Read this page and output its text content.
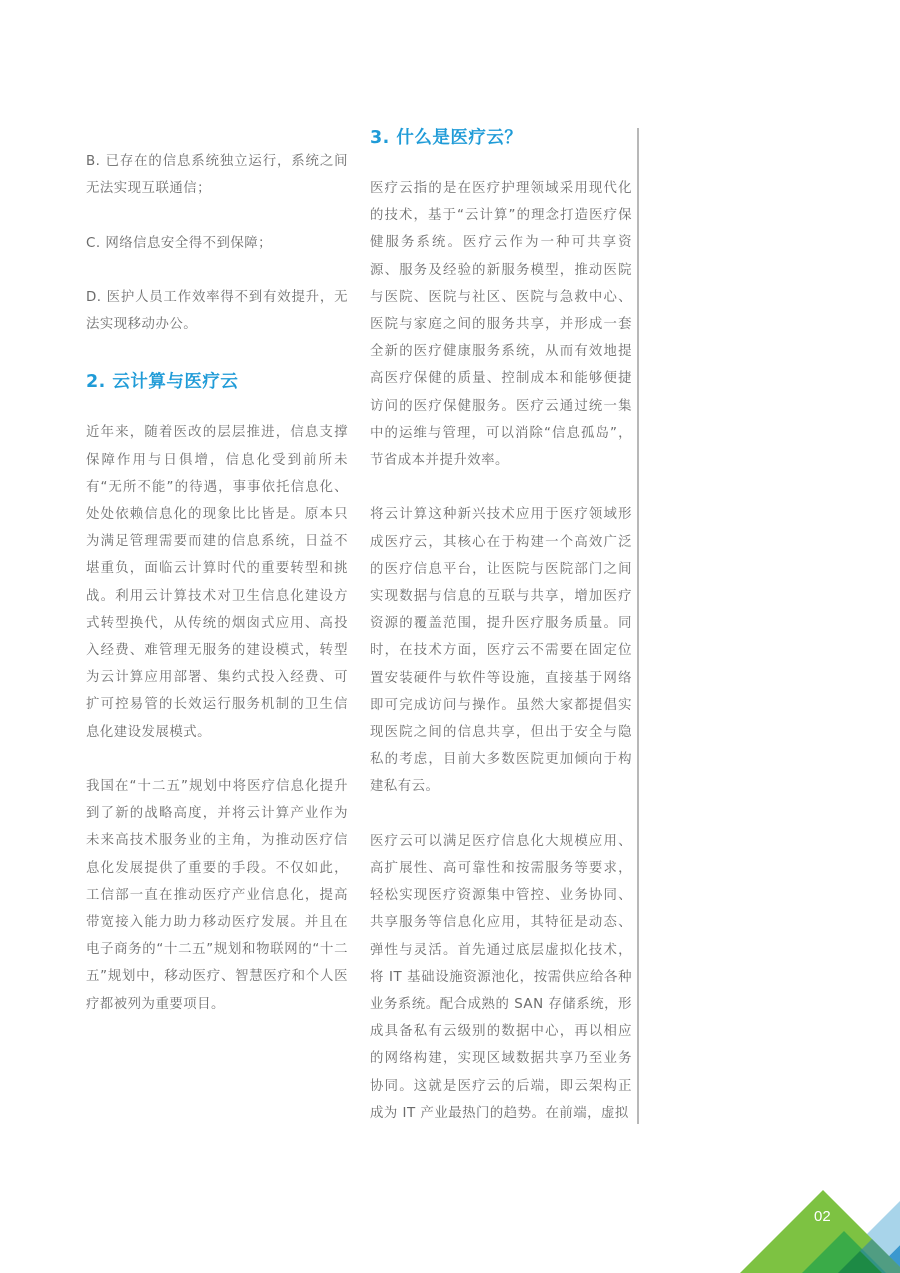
B. 已存在的信息系统独立运行，系统之间无法实现互联通信；

C. 网络信息安全得不到保障；

D. 医护人员工作效率得不到有效提升，无法实现移动办公。

2. 云计算与医疗云

近年来，随着医改的层层推进，信息支撑保障作用与日俱增，信息化受到前所未有“无所不能”的待遇，事事依托信息化、处处依赖信息化的现象比比皆是。原本只为满足管理需要而建的信息系统，日益不堪重负，面临云计算时代的重要转型和挑战。利用云计算技术对卫生信息化建设方式转型换代，从传统的烟囱式应用、高投入经费、难管理无服务的建设模式，转型为云计算应用部署、集约式投入经费、可扩可控易管的长效运行服务机制的卫生信息化建设发展模式。

我国在“十二五”规划中将医疗信息化提升到了新的战略高度，并将云计算产业作为未来高技术服务业的主角，为推动医疗信息化发展提供了重要的手段。不仅如此，工信部一直在推动医疗产业信息化，提高带宽接入能力助力移动医疗发展。并且在电子商务的“十二五”规划和物联网的“十二五”规划中，移动医疗、智慧医疗和个人医疗都被列为重要项目。

3. 什么是医疗云？

医疗云指的是在医疗护理领域采用现代化的技术，基于“云计算”的理念打造医疗保健服务系统。医疗云作为一种可共享资源、服务及经验的新服务模型，推动医院与医院、医院与社区、医院与急救中心、医院与家庭之间的服务共享，并形成一套全新的医疗健康服务系统，从而有效地提高医疗保健的质量、控制成本和能够便捷访问的医疗保健服务。医疗云通过统一集中的运维与管理，可以消除“信息孤岛”，节省成本并提升效率。

将云计算这种新兴技术应用于医疗领域形成医疗云，其核心在于构建一个高效广泛的医疗信息平台，让医院与医院部门之间实现数据与信息的互联与共享，增加医疗资源的覆盖范围，提升医疗服务质量。同时，在技术方面，医疗云不需要在固定位置安装硬件与软件等设施，直接基于网络即可完成访问与操作。虽然大家都提倡实现医院之间的信息共享，但出于安全与隐私的考虑，目前大多数医院更加倾向于构建私有云。

医疗云可以满足医疗信息化大规模应用、高扩展性、高可靠性和按需服务等要求，轻松实现医疗资源集中管控、业务协同、共享服务等信息化应用，其特征是动态、弹性与灵活。首先通过底层虚拟化技术，将 IT 基础设施资源池化，按需供应给各种业务系统。配合成熟的 SAN 存储系统，形成具备私有云级别的数据中心，再以相应的网络构建，实现区域数据共享乃至业务协同。这就是医疗云的后端，即云架构正成为 IT 产业最热门的趋势。在前端，虚拟

02
